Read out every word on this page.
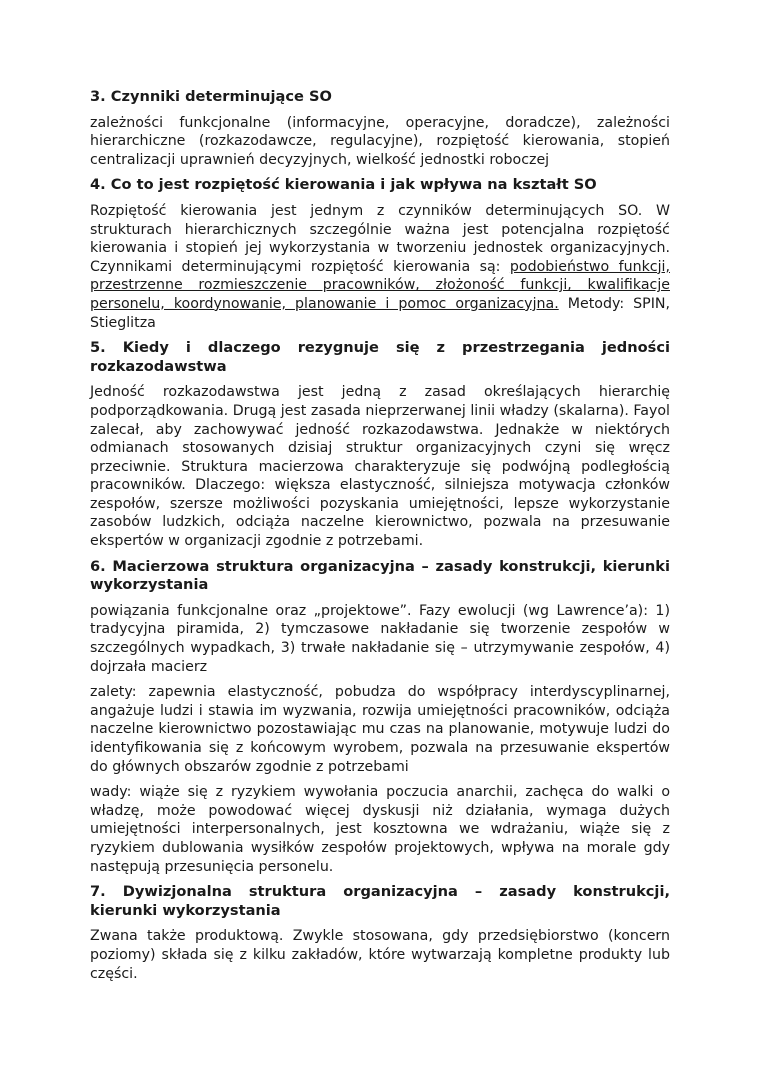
3. Czynniki determinujące SO

zależności funkcjonalne (informacyjne, operacyjne, doradcze), zależności hierarchiczne (rozkazodawcze, regulacyjne), rozpiętość kierowania, stopień centralizacji uprawnień decyzyjnych, wielkość jednostki roboczej

4. Co to jest rozpiętość kierowania i jak wpływa na kształt SO

Rozpiętość kierowania jest jednym z czynników determinujących SO. W strukturach hierarchicznych szczególnie ważna jest potencjalna rozpiętość kierowania i stopień jej wykorzystania w tworzeniu jednostek organizacyjnych. Czynnikami determinującymi rozpiętość kierowania są: podobieństwo funkcji, przestrzenne rozmieszczenie pracowników, złożoność funkcji, kwalifikacje personelu, koordynowanie, planowanie i pomoc organizacyjna. Metody: SPIN, Stieglitza

5. Kiedy i dlaczego rezygnuje się z przestrzegania jedności rozkazodawstwa

Jedność rozkazodawstwa jest jedną z zasad określających hierarchię podporządkowania. Drugą jest zasada nieprzerwanej linii władzy (skalarna). Fayol zalecał, aby zachowywać jedność rozkazodawstwa. Jednakże w niektórych odmianach stosowanych dzisiaj struktur organizacyjnych czyni się wręcz przeciwnie. Struktura macierzowa charakteryzuje się podwójną podległością pracowników. Dlaczego: większa elastyczność, silniejsza motywacja członków zespołów, szersze możliwości pozyskania umiejętności, lepsze wykorzystanie zasobów ludzkich, odciąża naczelne kierownictwo, pozwala na przesuwanie ekspertów w organizacji zgodnie z potrzebami.

6. Macierzowa struktura organizacyjna – zasady konstrukcji, kierunki wykorzystania

powiązania funkcjonalne oraz „projektowe”. Fazy ewolucji (wg Lawrence’a): 1) tradycyjna piramida, 2) tymczasowe nakładanie się tworzenie zespołów w szczególnych wypadkach, 3) trwałe nakładanie się – utrzymywanie zespołów, 4) dojrzała macierz

zalety: zapewnia elastyczność, pobudza do współpracy interdyscyplinarnej, angażuje ludzi i stawia im wyzwania, rozwija umiejętności pracowników, odciąża naczelne kierownictwo pozostawiając mu czas na planowanie, motywuje ludzi do identyfikowania się z końcowym wyrobem, pozwala na przesuwanie ekspertów do głównych obszarów zgodnie z potrzebami

wady: wiąże się z ryzykiem wywołania poczucia anarchii, zachęca do walki o władzę, może powodować więcej dyskusji niż działania, wymaga dużych umiejętności interpersonalnych, jest kosztowna we wdrażaniu, wiąże się z ryzykiem dublowania wysiłków zespołów projektowych, wpływa na morale gdy następują przesunięcia personelu.

7. Dywizjonalna struktura organizacyjna – zasady konstrukcji, kierunki wykorzystania

Zwana także produktową. Zwykle stosowana, gdy przedsiębiorstwo (koncern poziomy) składa się z kilku zakładów, które wytwarzają kompletne produkty lub części.
